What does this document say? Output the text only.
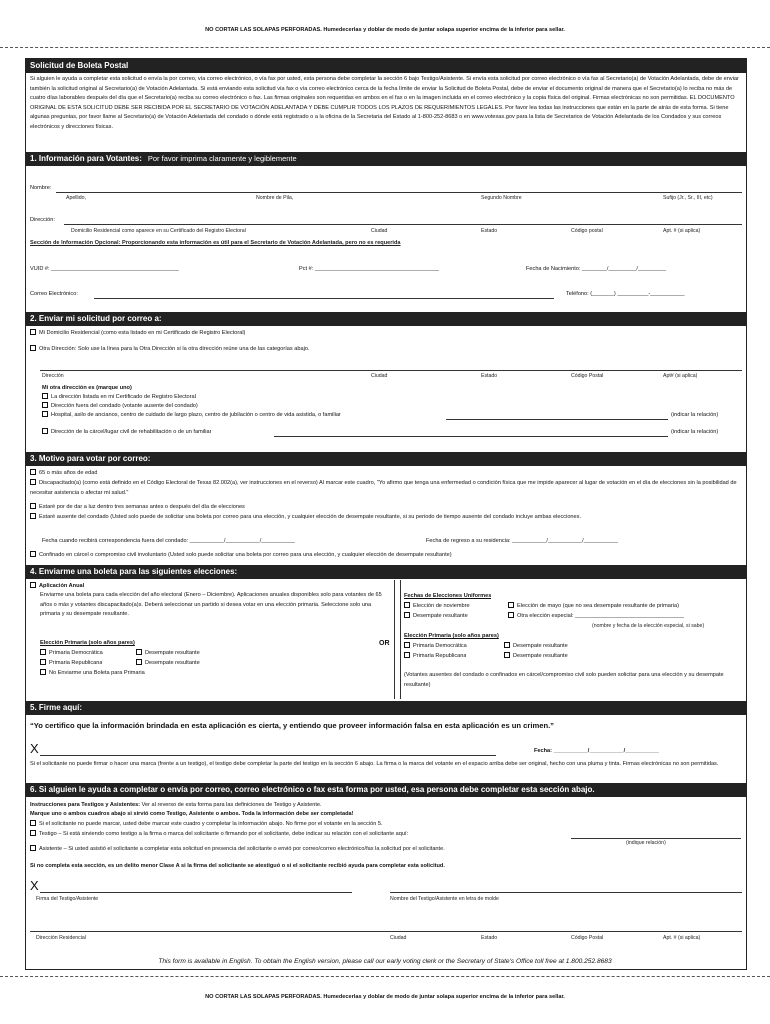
NO CORTAR LAS SOLAPAS PERFORADAS. Humedecerlas y doblar de modo de juntar solapa superior encima de la inferior para sellar.
Solicitud de Boleta Postal
Si alguien le ayuda a completar esta solicitud o envía la por correo, vía correo electrónico, o vía fax por usted, esta persona debe completar la sección 6 bajo Testigo/Asistente. Si envía esta solicitud por correo electrónico o vía fax al Secretario(a) de Votación Adelantada, debe de enviar también la solicitud original al Secretario(a) de Votación Adelantada. Si está enviando esta solicitud vía fax o vía correo electrónico cerca de la fecha límite de enviar la Solicitud de Boleta Postal, debe de enviar el documento original de manera que el Secretario(a) lo reciba no más de cuatro días laborables después del día que el Secretario(a) reciba su correo electrónico o fax. Las firmas originales son requeridas en ambos en el fax o en la imagen incluida en el correo electrónico y la copia física del original. Firmas electrónicas no son permitidas. EL DOCUMENTO ORIGINAL DE ESTA SOLICITUD DEBE SER RECIBIDA POR EL SECRETARIO DE VOTACIÓN ADELANTADA Y DEBE CUMPLIR TODOS LOS PLAZOS DE REQUERIMIENTOS LEGALES. Por favor lea todas las instrucciones que están en la parte de atrás de esta forma. Si tiene algunas preguntas, por favor llame al Secretario(a) de Votación Adelantada del condado o dónde está registrado o a la oficina de la Secretaria del Estado al 1-800-252-8683 o en www.votexas.gov para la lista de Secretarios de Votación Adelantada de los Condados y sus correos electrónicos y direcciones físicas.
1. Información para Votantes: Por favor imprima claramente y legiblemente
Nombre:
Apellido,	Nombre de Pila,	Segundo Nombre	Sufijo (Jr., Sr., III, etc)
Dirección:
Domicilio Residencial como aparece en su Certificado del Registro Electoral	Ciudad	Estado	Código postal	Apt. # (si aplica)
Sección de Información Opcional: Proporcionando esta información es útil para el Secretario de Votación Adelantada, pero no es requerida
VUID #: _________________________________________	Pct #: ________________________________________	Fecha de Nacimiento: ________/_________/_________
Correo Electrónico:	Teléfono: (_______) __________-___________
2. Enviar mi solicitud por correo a:
Mi Domicilio Residencial (como esta listado en mi Certificado de Registro Electoral)
Otra Dirección: Solo use la línea para la Otra Dirección si la otra dirección reúne una de las categorías abajo.
Dirección	Ciudad	Estado	Código Postal	Apt# (si aplica)
Mi otra dirección es (marque uno)
La dirección listada en mi Certificado de Registro Electoral
Dirección fuera del condado (votante ausente del condado)
Hospital, asilo de ancianos, centro de cuidado de largo plazo, centro de jubilación o centro de vida asistida, o familiar	(indicar la relación)
Dirección de la cárcel/lugar civil de rehabilitación o de un familiar	(indicar la relación)
3. Motivo para votar por correo:
65 o más años de edad
Discapacitado(a) (como está definido en el Código Electoral de Texas 82.002(a), ver instrucciones en el reverso) Al marcar este cuadro, "Yo afirmo que tenga una enfermedad o condición física que me impide aparecer al lugar de votación en el día de elecciones sin la posibilidad de necesitar asistencia o afectar mi salud."
Estaré por de dar a luz dentro tres semanas antes o después del día de elecciones
Estaré ausente del condado (Usted solo puede de solicitar una boleta por correo para una elección, y cualquier elección de desempate resultante, si su periodo de tiempo ausente del condado incluye ambas elecciones.
Fecha cuando recibirá correspondencia fuera del condado: ___________/___________/___________	Fecha de regreso a su residencia: ___________/___________/___________
Confinado en cárcel o compromiso civil involuntario (Usted solo puede solicitar una boleta por correo para una elección, y cualquier elección de desempate resultante)
4. Enviarme una boleta para las siguientes elecciones:
Aplicación Anual
Enviarme una boleta para cada elección del año electoral (Enero – Diciembre). Aplicaciones anuales disponibles solo para votantes de 65 años o más y votantes discapacitado(a)s. Deberá seleccionar un partido si desea votar en una elección primaria. Seleccione solo una primaria y su desempate resultante.
Elección Primaria (solo años pares)
Primaria Democrática	Desempate resultante
Primaria Republicana	Desempate resultante
No Enviarme una Boleta para Primaria
OR
Fechas de Elecciones Uniformes
Elección de noviembre	Elección de mayo (que no sea desempate resultante de primaria)
Desempate resultante	Otra elección especial: ___________________________________
(nombre y fecha de la elección especial, si sabe)
Elección Primaria (solo años pares)
Primaria Democrática	Desempate resultante
Primaria Republicana	Desempate resultante
(Votantes ausentes del condado o confinados en cárcel/compromiso civil solo pueden solicitar para una elección y su desempate resultante)
5. Firme aquí:
“Yo certifico que la información brindada en esta aplicación es cierta, y entiendo que proveer información falsa en esta aplicación es un crimen.”
X	Fecha: ___________/___________/___________
Si el solicitante no puede firmar o hacer una marca (frente a un testigo), el testigo debe completar la parte del testigo en la sección 6 abajo. La firma o la marca del votante en el espacio arriba debe ser original, hecho con una pluma y tinta. Firmas electrónicas no son permitidas.
6. Si alguien le ayuda a completar o envía por correo, correo electrónico o fax esta forma por usted, esa persona debe completar esta sección abajo.
Instrucciones para Testigos y Asistentes: Ver al reverso de esta forma para las definiciones de Testigo y Asistente.
Marque uno o ambos cuadros abajo si sirvió como Testigo, Asistente o ambos. Toda la información debe ser completada!
Si el solicitante no puede marcar, usted debe marcar este cuadro y completar la información abajo. No firme por el votante en la sección 5.
Testigo – Si está sirviendo como testigo a la firma o marca del solicitante o firmando por el solicitante, debe indicar su relación con el solicitante aquí:
(indique relación)
Asistente – Si usted asistió el solicitante a completar esta solicitud en presencia del solicitante o envió por correo/correo electrónico/fax la solicitud por el solicitante.
Si no completa esta sección, es un delito menor Clase A si la firma del solicitante se atestiguó o si el solicitante recibió ayuda para completar esta solicitud.
X
Firma del Testigo/Asistente	Nombre del Testigo/Asistente en letra de molde
Dirección Residencial	Ciudad	Estado	Código Postal	Apt. # (si aplica)
This form is available in English. To obtain the English version, please call our early voting clerk or the Secretary of State's Office toll free at 1.800.252.8683
NO CORTAR LAS SOLAPAS PERFORADAS. Humedecerlas y doblar de modo de juntar solapa superior encima de la inferior para sellar.
